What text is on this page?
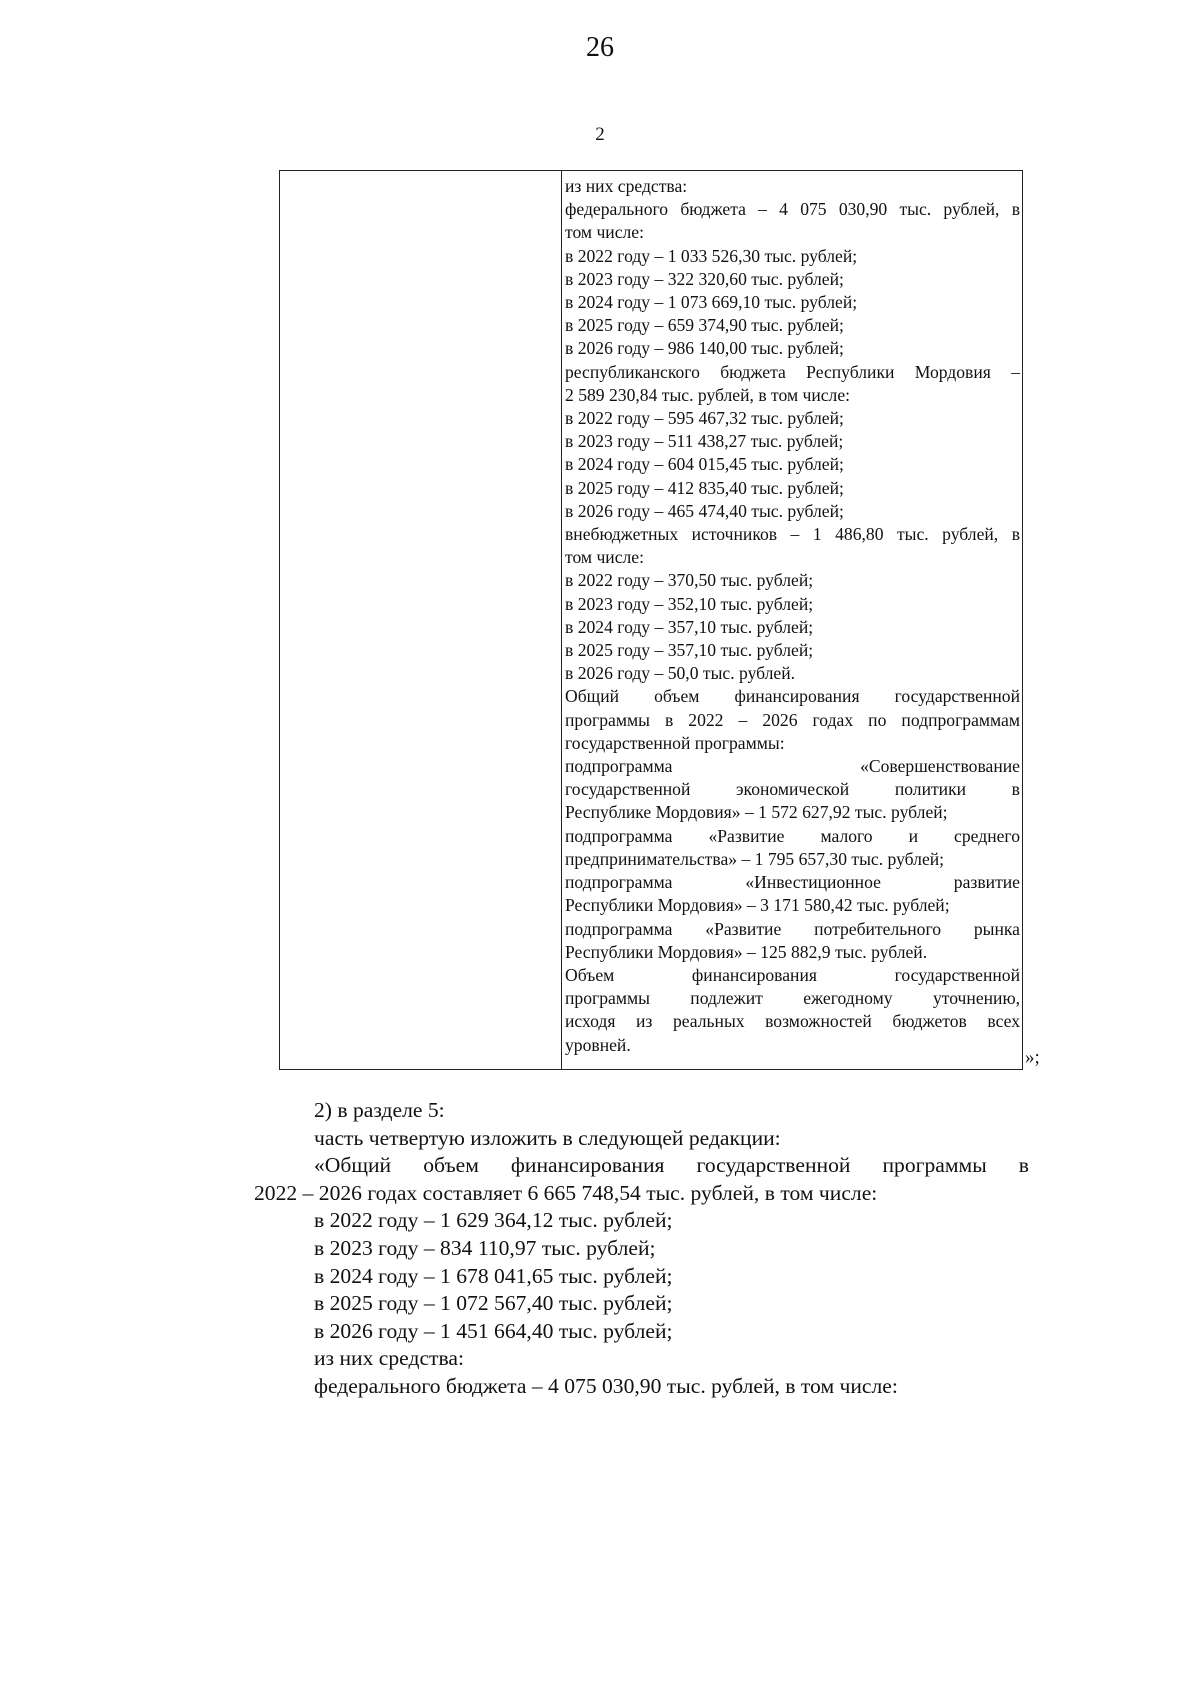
26
2
из них средства:
федерального бюджета – 4 075 030,90 тыс. рублей, в
том числе:
в 2022 году – 1 033 526,30 тыс. рублей;
в 2023 году – 322 320,60 тыс. рублей;
в 2024 году – 1 073 669,10 тыс. рублей;
в 2025 году – 659 374,90 тыс. рублей;
в 2026 году – 986 140,00 тыс. рублей;
республиканского бюджета Республики Мордовия –
2 589 230,84 тыс. рублей, в том числе:
в 2022 году – 595 467,32 тыс. рублей;
в 2023 году – 511 438,27 тыс. рублей;
в 2024 году – 604 015,45 тыс. рублей;
в 2025 году – 412 835,40 тыс. рублей;
в 2026 году – 465 474,40 тыс. рублей;
внебюджетных источников – 1 486,80 тыс. рублей, в
том числе:
в 2022 году – 370,50 тыс. рублей;
в 2023 году – 352,10 тыс. рублей;
в 2024 году – 357,10 тыс. рублей;
в 2025 году – 357,10 тыс. рублей;
в 2026 году – 50,0 тыс. рублей.
Общий объем финансирования государственной
программы в 2022 – 2026 годах по подпрограммам
государственной программы:
подпрограмма «Совершенствование
государственной экономической политики в
Республике Мордовия» – 1 572 627,92 тыс. рублей;
подпрограмма «Развитие малого и среднего
предпринимательства» – 1 795 657,30 тыс. рублей;
подпрограмма «Инвестиционное развитие
Республики Мордовия» – 3 171 580,42 тыс. рублей;
подпрограмма «Развитие потребительного рынка
Республики Мордовия» – 125 882,9 тыс. рублей.
Объем финансирования государственной
программы подлежит ежегодному уточнению,
исходя из реальных возможностей бюджетов всех
уровней.
»;
2) в разделе 5:
часть четвертую изложить в следующей редакции:
«Общий объем финансирования государственной программы в
2022 – 2026 годах составляет 6 665 748,54 тыс. рублей, в том числе:
в 2022 году – 1 629 364,12 тыс. рублей;
в 2023 году – 834 110,97 тыс. рублей;
в 2024 году – 1 678 041,65 тыс. рублей;
в 2025 году – 1 072 567,40 тыс. рублей;
в 2026 году – 1 451 664,40 тыс. рублей;
из них средства:
федерального бюджета – 4 075 030,90 тыс. рублей, в том числе:
